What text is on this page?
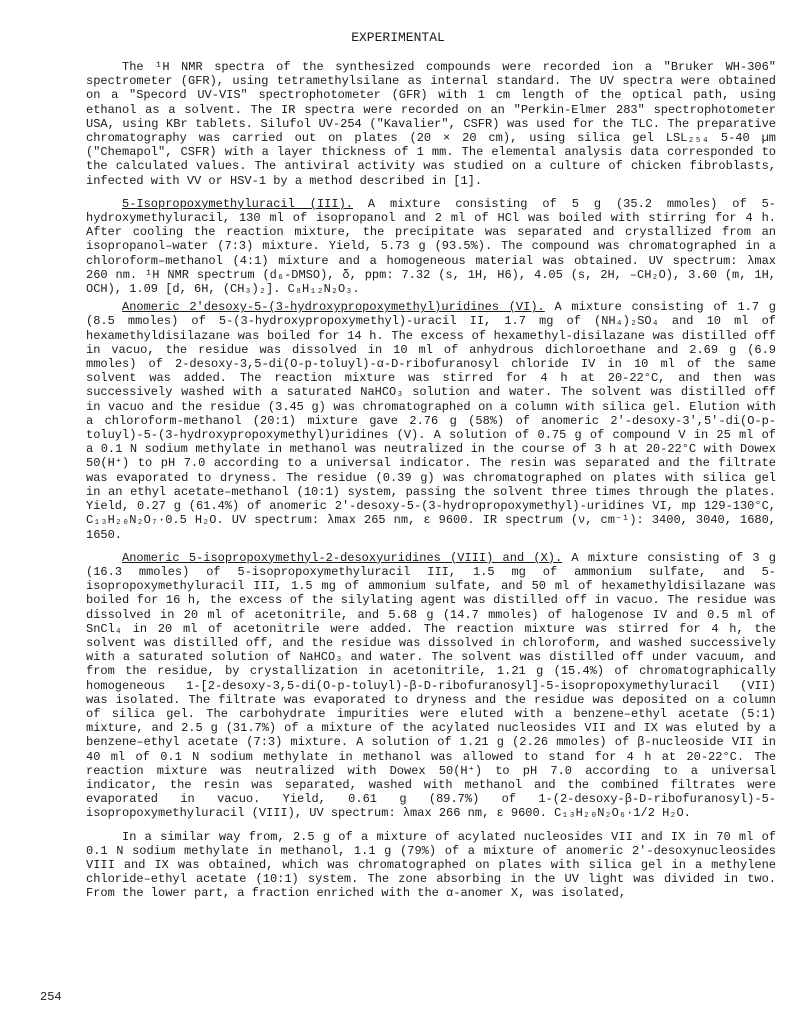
EXPERIMENTAL

The ¹H NMR spectra of the synthesized compounds were recorded ion a "Bruker WH-306" spectrometer (GFR), using tetramethylsilane as internal standard. The UV spectra were obtained on a "Specord UV-VIS" spectrophotometer (GFR) with 1 cm length of the optical path, using ethanol as a solvent. The IR spectra were recorded on an "Perkin-Elmer 283" spectrophotometer USA, using KBr tablets. Silufol UV-254 ("Kavalier", CSFR) was used for the TLC. The preparative chromatography was carried out on plates (20 × 20 cm), using silica gel LSL₂₅₄ 5-40 µm ("Chemapol", CSFR) with a layer thickness of 1 mm. The elemental analysis data corresponded to the calculated values. The antiviral activity was studied on a culture of chicken fibroblasts, infected with VV or HSV-1 by a method described in [1].

5-Isopropoxymethyluracil (III). A mixture consisting of 5 g (35.2 mmoles) of 5-hydroxymethyluracil, 130 ml of isopropanol and 2 ml of HCl was boiled with stirring for 4 h. After cooling the reaction mixture, the precipitate was separated and crystallized from an isopropanol–water (7:3) mixture. Yield, 5.73 g (93.5%). The compound was chromatographed in a chloroform–methanol (4:1) mixture and a homogeneous material was obtained. UV spectrum: λmax 260 nm. ¹H NMR spectrum (d₆-DMSO), δ, ppm: 7.32 (s, 1H, H6), 4.05 (s, 2H, –CH₂O), 3.60 (m, 1H, OCH), 1.09 [d, 6H, (CH₃)₂]. C₈H₁₂N₂O₃.

Anomeric 2'desoxy-5-(3-hydroxypropoxymethyl)uridines (VI). A mixture consisting of 1.7 g (8.5 mmoles) of 5-(3-hydroxypropoxymethyl)-uracil II, 1.7 mg of (NH₄)₂SO₄ and 10 ml of hexamethyldisilazane was boiled for 14 h. The excess of hexamethyl-disilazane was distilled off in vacuo, the residue was dissolved in 10 ml of anhydrous dichloroethane and 2.69 g (6.9 mmoles) of 2-desoxy-3,5-di(O-p-toluyl)-α-D-ribofuranosyl chloride IV in 10 ml of the same solvent was added. The reaction mixture was stirred for 4 h at 20-22°C, and then was successively washed with a saturated NaHCO₃ solution and water. The solvent was distilled off in vacuo and the residue (3.45 g) was chromatographed on a column with silica gel. Elution with a chloroform-methanol (20:1) mixture gave 2.76 g (58%) of anomeric 2'-desoxy-3',5'-di(O-p-toluyl)-5-(3-hydroxypropoxymethyl)uridines (V). A solution of 0.75 g of compound V in 25 ml of a 0.1 N sodium methylate in methanol was neutralized in the course of 3 h at 20-22°C with Dowex 50(H⁺) to pH 7.0 according to a universal indicator. The resin was separated and the filtrate was evaporated to dryness. The residue (0.39 g) was chromatographed on plates with silica gel in an ethyl acetate–methanol (10:1) system, passing the solvent three times through the plates. Yield, 0.27 g (61.4%) of anomeric 2'-desoxy-5-(3-hydropropoxymethyl)-uridines VI, mp 129-130°C, C₁₃H₂₀N₂O₇·0.5 H₂O. UV spectrum: λmax 265 nm, ε 9600. IR spectrum (ν, cm⁻¹): 3400, 3040, 1680, 1650.

Anomeric 5-isopropoxymethyl-2-desoxyuridines (VIII) and (X). A mixture consisting of 3 g (16.3 mmoles) of 5-isopropoxymethyluracil III, 1.5 mg of ammonium sulfate, and 5-isopropoxymethyluracil III, 1.5 mg of ammonium sulfate, and 50 ml of hexamethyldisilazane was boiled for 16 h, the excess of the silylating agent was distilled off in vacuo. The residue was dissolved in 20 ml of acetonitrile, and 5.68 g (14.7 mmoles) of halogenose IV and 0.5 ml of SnCl₄ in 20 ml of acetonitrile were added. The reaction mixture was stirred for 4 h, the solvent was distilled off, and the residue was dissolved in chloroform, and washed successively with a saturated solution of NaHCO₃ and water. The solvent was distilled off under vacuum, and from the residue, by crystallization in acetonitrile, 1.21 g (15.4%) of chromatographically homogeneous 1-[2-desoxy-3,5-di(O-p-toluyl)-β-D-ribofuranosyl]-5-isopropoxymethyluracil (VII) was isolated. The filtrate was evaporated to dryness and the residue was deposited on a column of silica gel. The carbohydrate impurities were eluted with a benzene–ethyl acetate (5:1) mixture, and 2.5 g (31.7%) of a mixture of the acylated nucleosides VII and IX was eluted by a benzene–ethyl acetate (7:3) mixture. A solution of 1.21 g (2.26 mmoles) of β-nucleoside VII in 40 ml of 0.1 N sodium methylate in methanol was allowed to stand for 4 h at 20-22°C. The reaction mixture was neutralized with Dowex 50(H⁺) to pH 7.0 according to a universal indicator, the resin was separated, washed with methanol and the combined filtrates were evaporated in vacuo. Yield, 0.61 g (89.7%) of 1-(2-desoxy-β-D-ribofuranosyl)-5-isopropoxymethyluracil (VIII), UV spectrum: λmax 266 nm, ε 9600. C₁₃H₂₀N₂O₆·1/2 H₂O.

In a similar way from, 2.5 g of a mixture of acylated nucleosides VII and IX in 70 ml of 0.1 N sodium methylate in methanol, 1.1 g (79%) of a mixture of anomeric 2'-desoxynucleosides VIII and IX was obtained, which was chromatographed on plates with silica gel in a methylene chloride–ethyl acetate (10:1) system. The zone absorbing in the UV light was divided in two. From the lower part, a fraction enriched with the α-anomer X, was isolated,

254
